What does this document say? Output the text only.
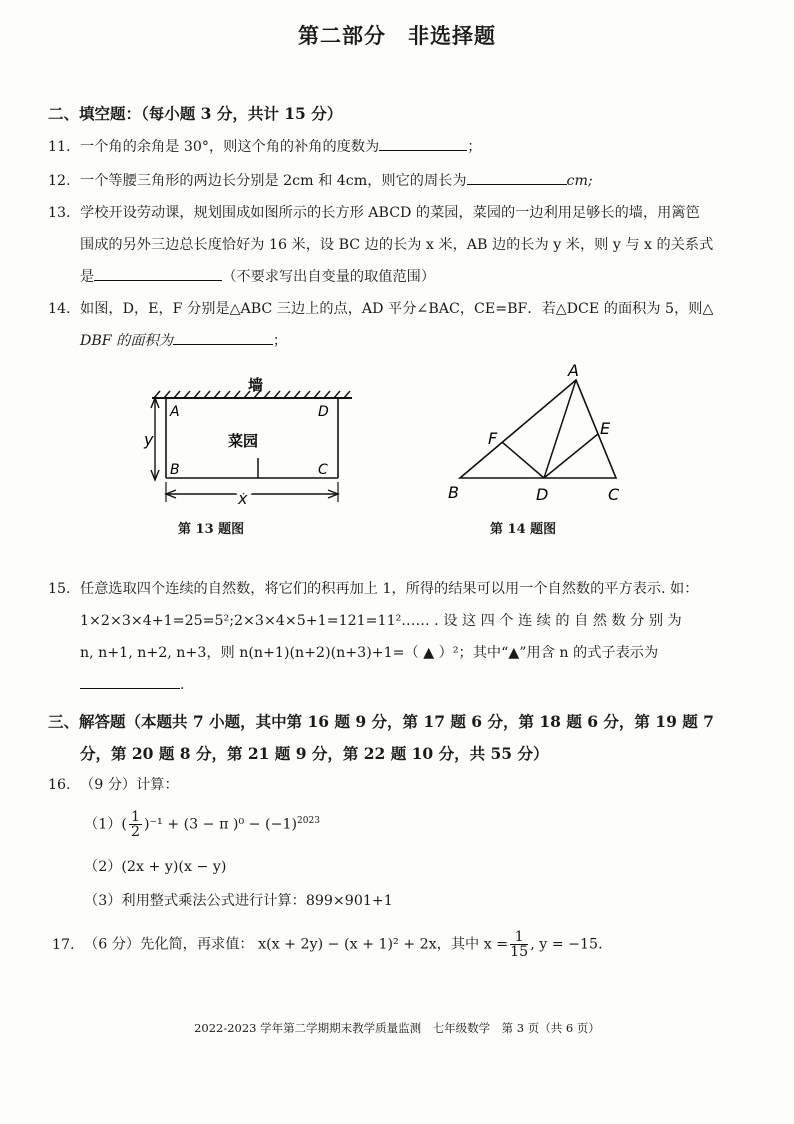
第二部分　非选择题
二、填空题：（每小题 3 分，共计 15 分）
11. 一个角的余角是 30°，则这个角的补角的度数为	；
12. 一个等腰三角形的两边长分别是 2cm 和 4cm，则它的周长为	cm;
13. 学校开设劳动课，规划围成如图所示的长方形 ABCD 的菜园，菜园的一边利用足够长的墙，用篱笆
围成的另外三边总长度恰好为 16 米，设 BC 边的长为 x 米，AB 边的长为 y 米，则 y 与 x 的关系式
是	（不要求写出自变量的取值范围）
14. 如图，D，E，F 分别是△ABC 三边上的点，AD 平分∠BAC，CE=BF．若△DCE 的面积为 5，则△
DBF 的面积为	；
墙
A	D
B	C
菜园
y
x
第 13 题图
A
B	D	C
F
E
第 14 题图
15. 任意选取四个连续的自然数，将它们的积再加上 1，所得的结果可以用一个自然数的平方表示. 如：
1×2×3×4+1=25=5²;2×3×4×5+1=121=11²…… . 设 这 四 个 连 续 的 自 然 数 分 别 为
n, n+1, n+2, n+3，则 n(n+1)(n+2)(n+3)+1=（ ▲ ）²；其中“▲”用含 n 的式子表示为
.
三、解答题（本题共 7 小题，其中第 16 题 9 分，第 17 题 6 分，第 18 题 6 分，第 19 题 7
分，第 20 题 8 分，第 21 题 9 分，第 22 题 10 分，共 55 分）
16. （9 分）计算：
$(1)( \frac{1}{2} )^{-1} + (3 - \pi$ )$^0 - (-1)^{2023}$
（2）(2x + y)(x − y)
（3）利用整式乘法公式进行计算：899×901+1
17. （6 分）先化简，再求值： x(x + 2y) − (x + 1)² + 2x，其中 $x = \frac{1}{15}$ , y = −15.
2022-2023 学年第二学期期末教学质量监测　七年级数学　第 3 页（共 6 页）
